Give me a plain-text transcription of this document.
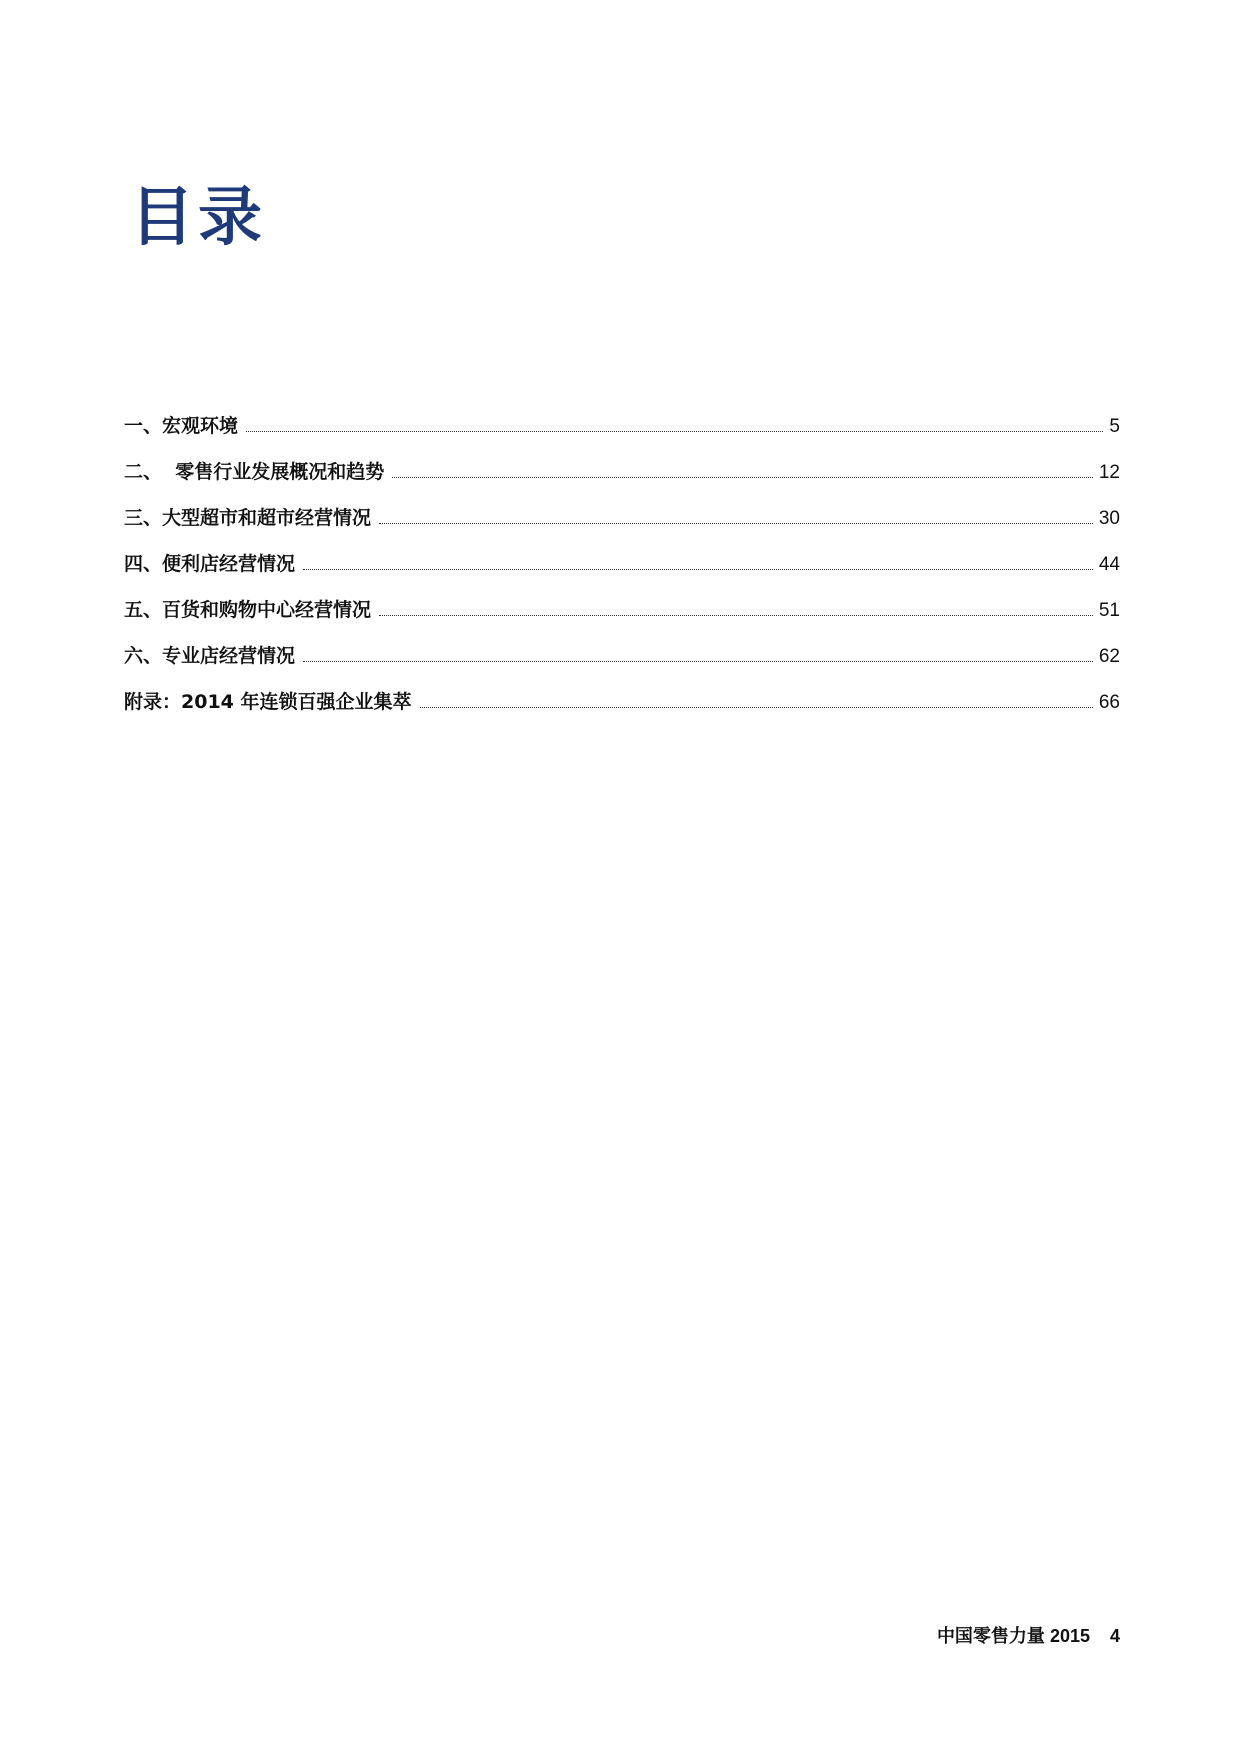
目录
一、宏观环境	5
二、  零售行业发展概况和趋势	12
三、大型超市和超市经营情况	30
四、便利店经营情况	44
五、百货和购物中心经营情况	51
六、专业店经营情况	62
附录：2014 年连锁百强企业集萃	66
中国零售力量 2015 4
